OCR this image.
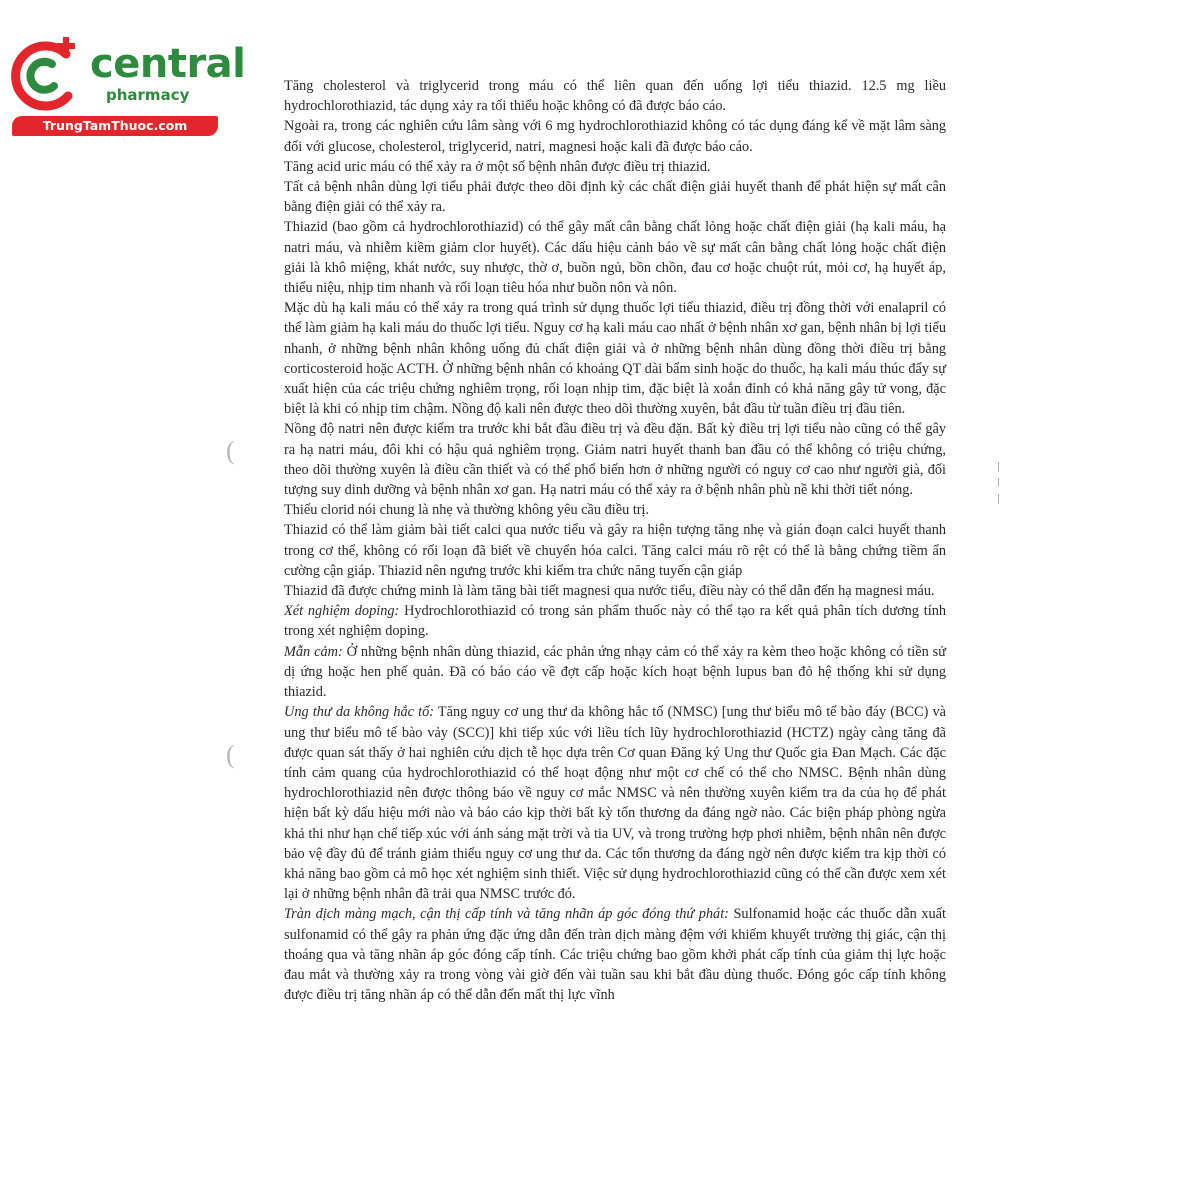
central
pharmacy
TrungTamThuoc.com

Tăng cholesterol và triglycerid trong máu có thể liên quan đến uống lợi tiểu thiazid. 12.5 mg liều hydrochlorothiazid, tác dụng xảy ra tối thiểu hoặc không có đã được báo cáo.

Ngoài ra, trong các nghiên cứu lâm sàng với 6 mg hydrochlorothiazid không có tác dụng đáng kể về mặt lâm sàng đối với glucose, cholesterol, triglycerid, natri, magnesi hoặc kali đã được báo cáo.

Tăng acid uric máu có thể xảy ra ở một số bệnh nhân được điều trị thiazid.

Tất cả bệnh nhân dùng lợi tiểu phải được theo dõi định kỳ các chất điện giải huyết thanh để phát hiện sự mất cân bằng điện giải có thể xảy ra.

Thiazid (bao gồm cả hydrochlorothiazid) có thể gây mất cân bằng chất lỏng hoặc chất điện giải (hạ kali máu, hạ natri máu, và nhiễm kiềm giảm clor huyết). Các dấu hiệu cảnh báo về sự mất cân bằng chất lỏng hoặc chất điện giải là khô miệng, khát nước, suy nhược, thờ ơ, buồn ngủ, bồn chồn, đau cơ hoặc chuột rút, mỏi cơ, hạ huyết áp, thiểu niệu, nhịp tim nhanh và rối loạn tiêu hóa như buồn nôn và nôn.

Mặc dù hạ kali máu có thể xảy ra trong quá trình sử dụng thuốc lợi tiểu thiazid, điều trị đồng thời với enalapril có thể làm giảm hạ kali máu do thuốc lợi tiểu. Nguy cơ hạ kali máu cao nhất ở bệnh nhân xơ gan, bệnh nhân bị lợi tiểu nhanh, ở những bệnh nhân không uống đủ chất điện giải và ở những bệnh nhân dùng đồng thời điều trị bằng corticosteroid hoặc ACTH. Ở những bệnh nhân có khoảng QT dài bẩm sinh hoặc do thuốc, hạ kali máu thúc đẩy sự xuất hiện của các triệu chứng nghiêm trọng, rối loạn nhịp tim, đặc biệt là xoắn đỉnh có khả năng gây tử vong, đặc biệt là khi có nhịp tim chậm. Nồng độ kali nên được theo dõi thường xuyên, bắt đầu từ tuần điều trị đầu tiên.

Nồng độ natri nên được kiểm tra trước khi bắt đầu điều trị và đều đặn. Bất kỳ điều trị lợi tiểu nào cũng có thể gây ra hạ natri máu, đôi khi có hậu quả nghiêm trọng. Giảm natri huyết thanh ban đầu có thể không có triệu chứng, theo dõi thường xuyên là điều cần thiết và có thể phổ biến hơn ở những người có nguy cơ cao như người già, đối tượng suy dinh dưỡng và bệnh nhân xơ gan. Hạ natri máu có thể xảy ra ở bệnh nhân phù nề khi thời tiết nóng.

Thiếu clorid nói chung là nhẹ và thường không yêu cầu điều trị.

Thiazid có thể làm giảm bài tiết calci qua nước tiểu và gây ra hiện tượng tăng nhẹ và gián đoạn calci huyết thanh trong cơ thể, không có rối loạn đã biết về chuyển hóa calci. Tăng calci máu rõ rệt có thể là bằng chứng tiềm ẩn cường cận giáp. Thiazid nên ngưng trước khi kiểm tra chức năng tuyến cận giáp

Thiazid đã được chứng minh là làm tăng bài tiết magnesi qua nước tiểu, điều này có thể dẫn đến hạ magnesi máu.

Xét nghiệm doping: Hydrochlorothiazid có trong sản phẩm thuốc này có thể tạo ra kết quả phân tích dương tính trong xét nghiệm doping.

Mẫn cảm: Ở những bệnh nhân dùng thiazid, các phản ứng nhạy cảm có thể xảy ra kèm theo hoặc không có tiền sử dị ứng hoặc hen phế quản. Đã có báo cáo về đợt cấp hoặc kích hoạt bệnh lupus ban đỏ hệ thống khi sử dụng thiazid.

Ung thư da không hắc tố: Tăng nguy cơ ung thư da không hắc tố (NMSC) [ung thư biểu mô tế bào đáy (BCC) và ung thư biểu mô tế bào vảy (SCC)] khi tiếp xúc với liều tích lũy hydrochlorothiazid (HCTZ) ngày càng tăng đã được quan sát thấy ở hai nghiên cứu dịch tễ học dựa trên Cơ quan Đăng ký Ung thư Quốc gia Đan Mạch. Các đặc tính cảm quang của hydrochlorothiazid có thể hoạt động như một cơ chế có thể cho NMSC. Bệnh nhân dùng hydrochlorothiazid nên được thông báo về nguy cơ mắc NMSC và nên thường xuyên kiểm tra da của họ để phát hiện bất kỳ dấu hiệu mới nào và báo cáo kịp thời bất kỳ tổn thương da đáng ngờ nào. Các biện pháp phòng ngừa khả thi như hạn chế tiếp xúc với ánh sáng mặt trời và tia UV, và trong trường hợp phơi nhiễm, bệnh nhân nên được bảo vệ đầy đủ để tránh giảm thiểu nguy cơ ung thư da. Các tổn thương da đáng ngờ nên được kiểm tra kịp thời có khả năng bao gồm cả mô học xét nghiệm sinh thiết. Việc sử dụng hydrochlorothiazid cũng có thể cần được xem xét lại ở những bệnh nhân đã trải qua NMSC trước đó.

Tràn dịch màng mạch, cận thị cấp tính và tăng nhãn áp góc đóng thứ phát: Sulfonamid hoặc các thuốc dẫn xuất sulfonamid có thể gây ra phản ứng đặc ứng dẫn đến tràn dịch màng đệm với khiếm khuyết trường thị giác, cận thị thoáng qua và tăng nhãn áp góc đóng cấp tính. Các triệu chứng bao gồm khởi phát cấp tính của giảm thị lực hoặc đau mắt và thường xảy ra trong vòng vài giờ đến vài tuần sau khi bắt đầu dùng thuốc. Đóng góc cấp tính không được điều trị tăng nhãn áp có thể dẫn đến mất thị lực vĩnh

(
(
